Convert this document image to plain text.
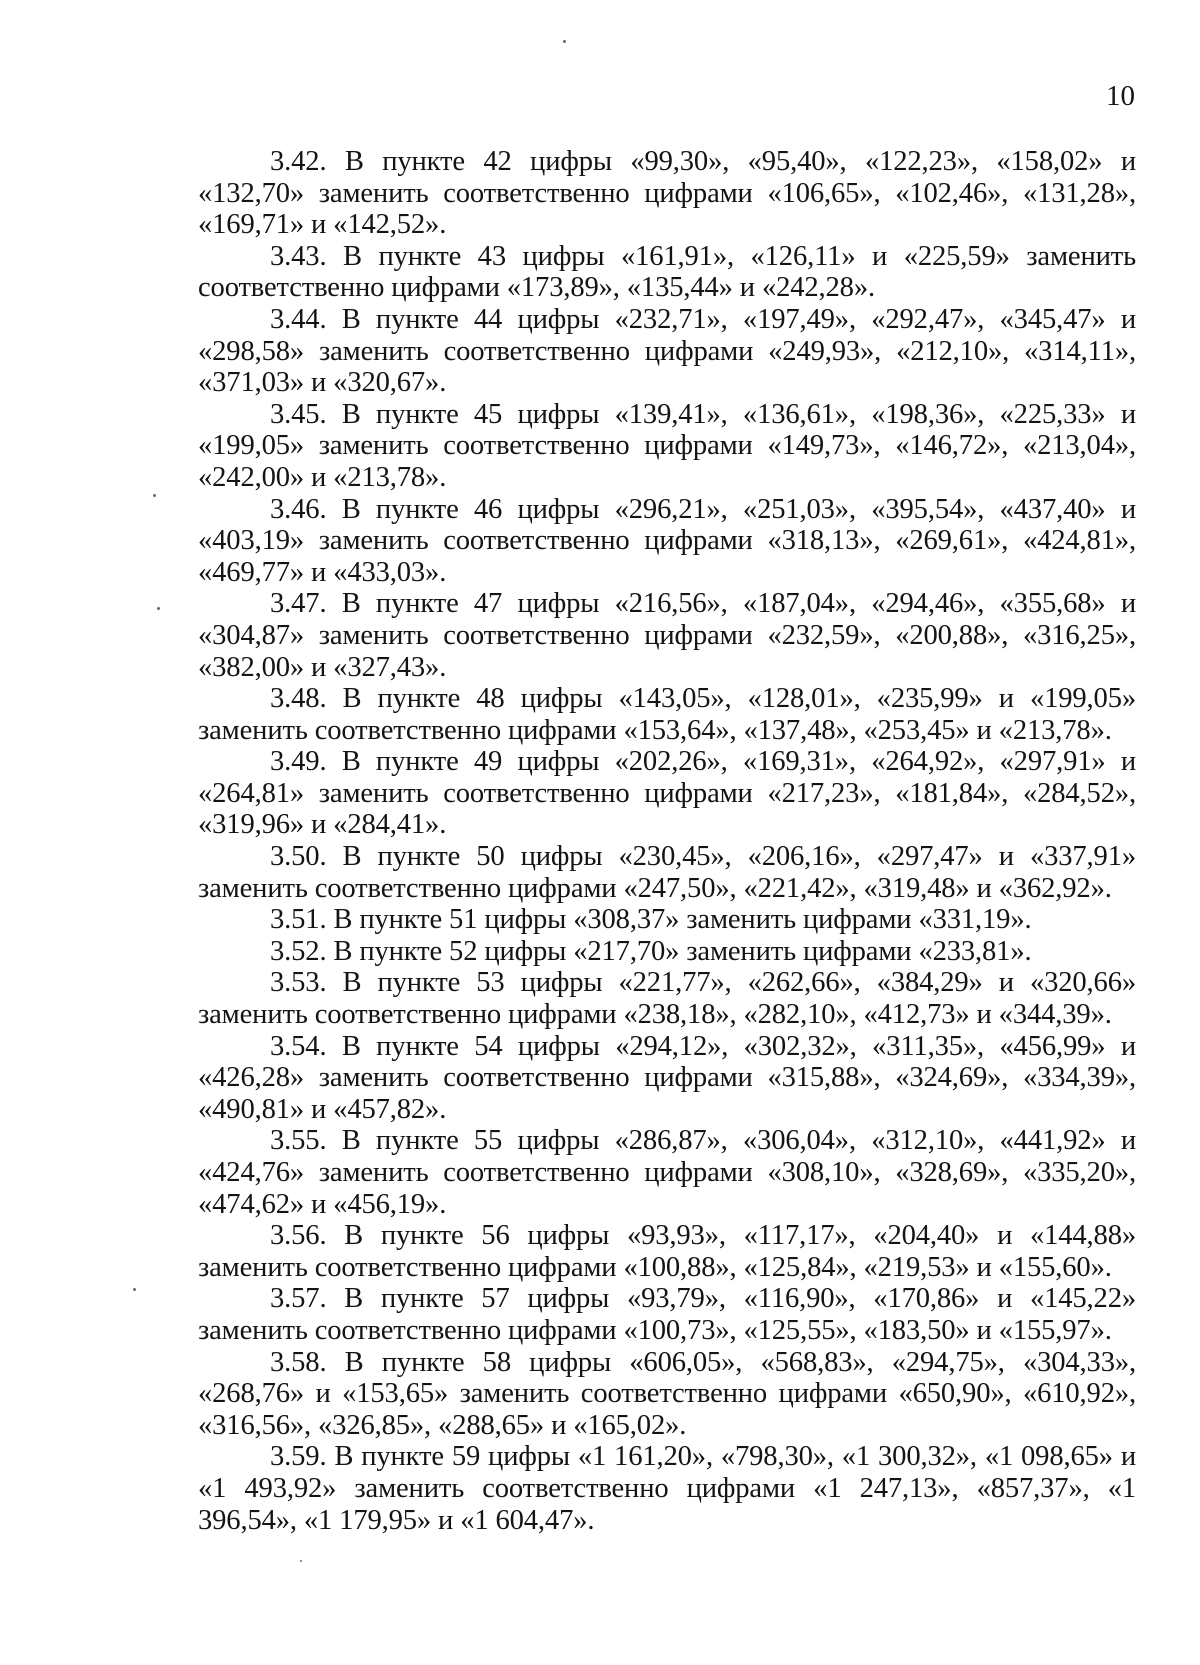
10

3.42. В пункте 42 цифры «99,30», «95,40», «122,23», «158,02» и «132,70» заменить соответственно цифрами «106,65», «102,46», «131,28», «169,71» и «142,52».

3.43. В пункте 43 цифры «161,91», «126,11» и «225,59» заменить соответственно цифрами «173,89», «135,44» и «242,28».

3.44. В пункте 44 цифры «232,71», «197,49», «292,47», «345,47» и «298,58» заменить соответственно цифрами «249,93», «212,10», «314,11», «371,03» и «320,67».

3.45. В пункте 45 цифры «139,41», «136,61», «198,36», «225,33» и «199,05» заменить соответственно цифрами «149,73», «146,72», «213,04», «242,00» и «213,78».

3.46. В пункте 46 цифры «296,21», «251,03», «395,54», «437,40» и «403,19» заменить соответственно цифрами «318,13», «269,61», «424,81», «469,77» и «433,03».

3.47. В пункте 47 цифры «216,56», «187,04», «294,46», «355,68» и «304,87» заменить соответственно цифрами «232,59», «200,88», «316,25», «382,00» и «327,43».

3.48. В пункте 48 цифры «143,05», «128,01», «235,99» и «199,05» заменить соответственно цифрами «153,64», «137,48», «253,45» и «213,78».

3.49. В пункте 49 цифры «202,26», «169,31», «264,92», «297,91» и «264,81» заменить соответственно цифрами «217,23», «181,84», «284,52», «319,96» и «284,41».

3.50. В пункте 50 цифры «230,45», «206,16», «297,47» и «337,91» заменить соответственно цифрами «247,50», «221,42», «319,48» и «362,92».

3.51. В пункте 51 цифры «308,37» заменить цифрами «331,19».

3.52. В пункте 52 цифры «217,70» заменить цифрами «233,81».

3.53. В пункте 53 цифры «221,77», «262,66», «384,29» и «320,66» заменить соответственно цифрами «238,18», «282,10», «412,73» и «344,39».

3.54. В пункте 54 цифры «294,12», «302,32», «311,35», «456,99» и «426,28» заменить соответственно цифрами «315,88», «324,69», «334,39», «490,81» и «457,82».

3.55. В пункте 55 цифры «286,87», «306,04», «312,10», «441,92» и «424,76» заменить соответственно цифрами «308,10», «328,69», «335,20», «474,62» и «456,19».

3.56. В пункте 56 цифры «93,93», «117,17», «204,40» и «144,88» заменить соответственно цифрами «100,88», «125,84», «219,53» и «155,60».

3.57. В пункте 57 цифры «93,79», «116,90», «170,86» и «145,22» заменить соответственно цифрами «100,73», «125,55», «183,50» и «155,97».

3.58. В пункте 58 цифры «606,05», «568,83», «294,75», «304,33», «268,76» и «153,65» заменить соответственно цифрами «650,90», «610,92», «316,56», «326,85», «288,65» и «165,02».

3.59. В пункте 59 цифры «1 161,20», «798,30», «1 300,32», «1 098,65» и «1 493,92» заменить соответственно цифрами «1 247,13», «857,37», «1 396,54», «1 179,95» и «1 604,47».
